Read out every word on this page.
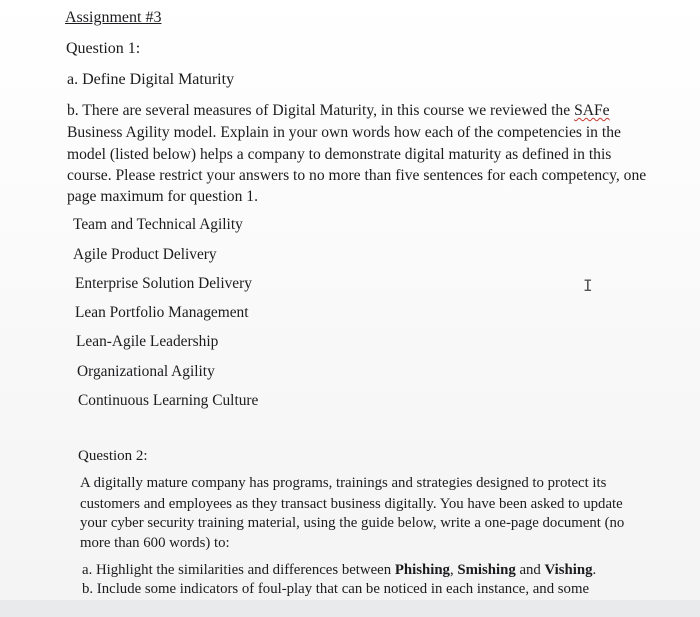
Assignment #3
Question 1:
a. Define Digital Maturity
b. There are several measures of Digital Maturity, in this course we reviewed the SAFe
Business Agility model. Explain in your own words how each of the competencies in the
model (listed below) helps a company to demonstrate digital maturity as defined in this
course. Please restrict your answers to no more than five sentences for each competency, one
page maximum for question 1.
Team and Technical Agility
Agile Product Delivery
Enterprise Solution Delivery
Lean Portfolio Management
Lean-Agile Leadership
Organizational Agility
Continuous Learning Culture
I
Question 2:
A digitally mature company has programs, trainings and strategies designed to protect its
customers and employees as they transact business digitally. You have been asked to update
your cyber security training material, using the guide below, write a one-page document (no
more than 600 words) to:
a. Highlight the similarities and differences between Phishing, Smishing and Vishing.
b. Include some indicators of foul-play that can be noticed in each instance, and some
